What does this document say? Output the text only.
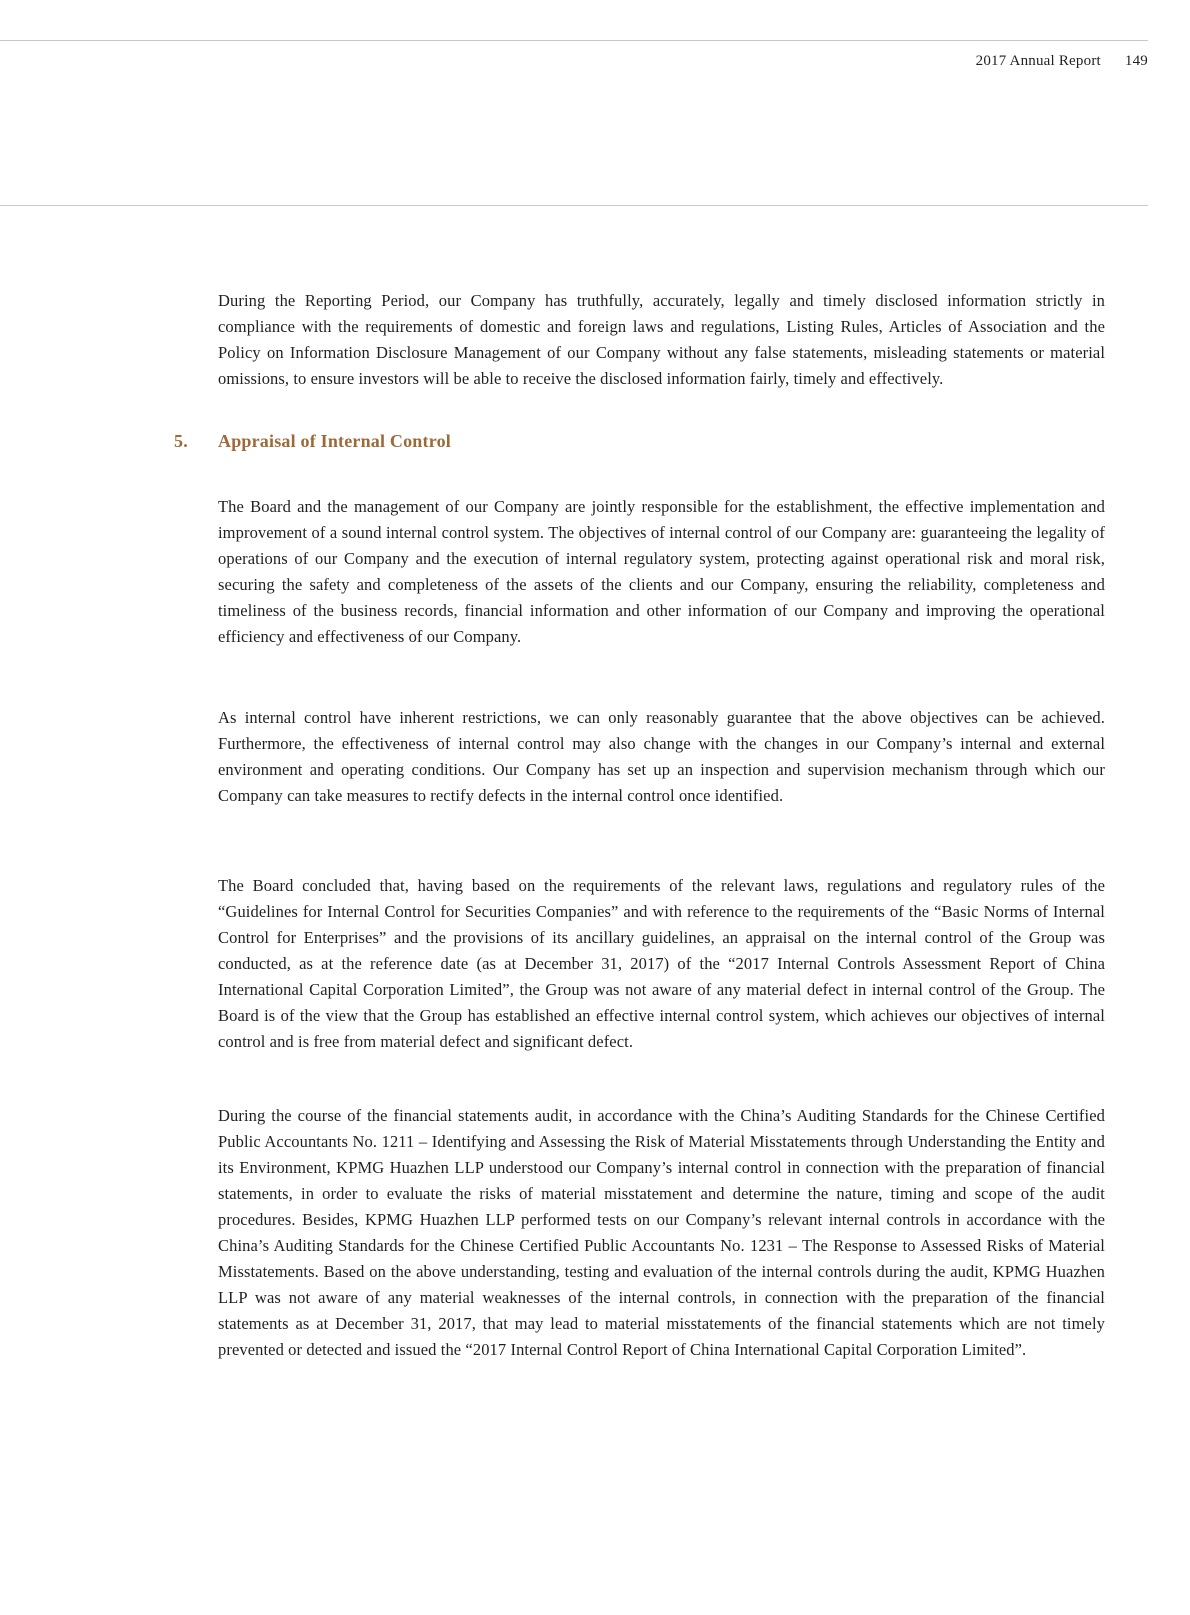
2017 Annual Report 149

During the Reporting Period, our Company has truthfully, accurately, legally and timely disclosed information strictly in compliance with the requirements of domestic and foreign laws and regulations, Listing Rules, Articles of Association and the Policy on Information Disclosure Management of our Company without any false statements, misleading statements or material omissions, to ensure investors will be able to receive the disclosed information fairly, timely and effectively.

5. Appraisal of Internal Control

The Board and the management of our Company are jointly responsible for the establishment, the effective implementation and improvement of a sound internal control system. The objectives of internal control of our Company are: guaranteeing the legality of operations of our Company and the execution of internal regulatory system, protecting against operational risk and moral risk, securing the safety and completeness of the assets of the clients and our Company, ensuring the reliability, completeness and timeliness of the business records, financial information and other information of our Company and improving the operational efficiency and effectiveness of our Company.

As internal control have inherent restrictions, we can only reasonably guarantee that the above objectives can be achieved. Furthermore, the effectiveness of internal control may also change with the changes in our Company’s internal and external environment and operating conditions. Our Company has set up an inspection and supervision mechanism through which our Company can take measures to rectify defects in the internal control once identified.

The Board concluded that, having based on the requirements of the relevant laws, regulations and regulatory rules of the “Guidelines for Internal Control for Securities Companies” and with reference to the requirements of the “Basic Norms of Internal Control for Enterprises” and the provisions of its ancillary guidelines, an appraisal on the internal control of the Group was conducted, as at the reference date (as at December 31, 2017) of the “2017 Internal Controls Assessment Report of China International Capital Corporation Limited”, the Group was not aware of any material defect in internal control of the Group. The Board is of the view that the Group has established an effective internal control system, which achieves our objectives of internal control and is free from material defect and significant defect.

During the course of the financial statements audit, in accordance with the China’s Auditing Standards for the Chinese Certified Public Accountants No. 1211 – Identifying and Assessing the Risk of Material Misstatements through Understanding the Entity and its Environment, KPMG Huazhen LLP understood our Company’s internal control in connection with the preparation of financial statements, in order to evaluate the risks of material misstatement and determine the nature, timing and scope of the audit procedures. Besides, KPMG Huazhen LLP performed tests on our Company’s relevant internal controls in accordance with the China’s Auditing Standards for the Chinese Certified Public Accountants No. 1231 – The Response to Assessed Risks of Material Misstatements. Based on the above understanding, testing and evaluation of the internal controls during the audit, KPMG Huazhen LLP was not aware of any material weaknesses of the internal controls, in connection with the preparation of the financial statements as at December 31, 2017, that may lead to material misstatements of the financial statements which are not timely prevented or detected and issued the “2017 Internal Control Report of China International Capital Corporation Limited”.
